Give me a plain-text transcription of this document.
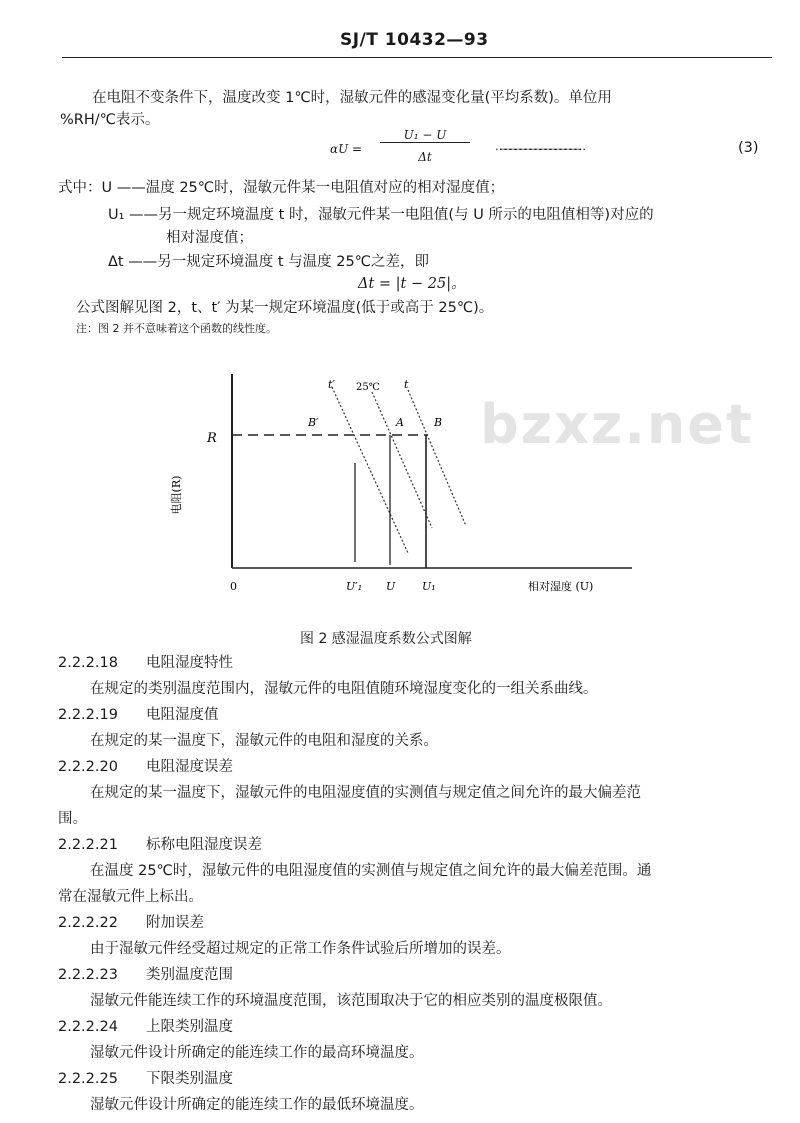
bzxz.net
SJ/T 10432—93
在电阻不变条件下，温度改变 1℃时，湿敏元件的感湿变化量(平均系数)。单位用
%RH/℃表示。
αU =
U₁ − U
Δt
……………………………………………	(3)
式中：U ——温度 25℃时，湿敏元件某一电阻值对应的相对湿度值；
U₁ ——另一规定环境温度 t 时，湿敏元件某一电阻值(与 U 所示的电阻值相等)对应的
相对湿度值；
Δt ——另一规定环境温度 t 与温度 25℃之差，即
Δt = |t − 25|。
公式图解见图 2，t、t′ 为某一规定环境温度(低于或高于 25℃)。
注：图 2 并不意味着这个函数的线性度。
R
电阻(R)
0
t′ 25℃ t
B′	A	B
U′₁ U U₁	相对湿度 (U)
图 2 感湿温度系数公式图解
2.2.2.18 电阻湿度特性
在规定的类别温度范围内，湿敏元件的电阻值随环境湿度变化的一组关系曲线。
2.2.2.19 电阻湿度值
在规定的某一温度下，湿敏元件的电阻和湿度的关系。
2.2.2.20 电阻湿度误差
在规定的某一温度下，湿敏元件的电阻湿度值的实测值与规定值之间允许的最大偏差范
围。
2.2.2.21 标称电阻湿度误差
在温度 25℃时，湿敏元件的电阻湿度值的实测值与规定值之间允许的最大偏差范围。通
常在湿敏元件上标出。
2.2.2.22 附加误差
由于湿敏元件经受超过规定的正常工作条件试验后所增加的误差。
2.2.2.23 类别温度范围
湿敏元件能连续工作的环境温度范围，该范围取决于它的相应类别的温度极限值。
2.2.2.24 上限类别温度
湿敏元件设计所确定的能连续工作的最高环境温度。
2.2.2.25 下限类别温度
湿敏元件设计所确定的能连续工作的最低环境温度。
